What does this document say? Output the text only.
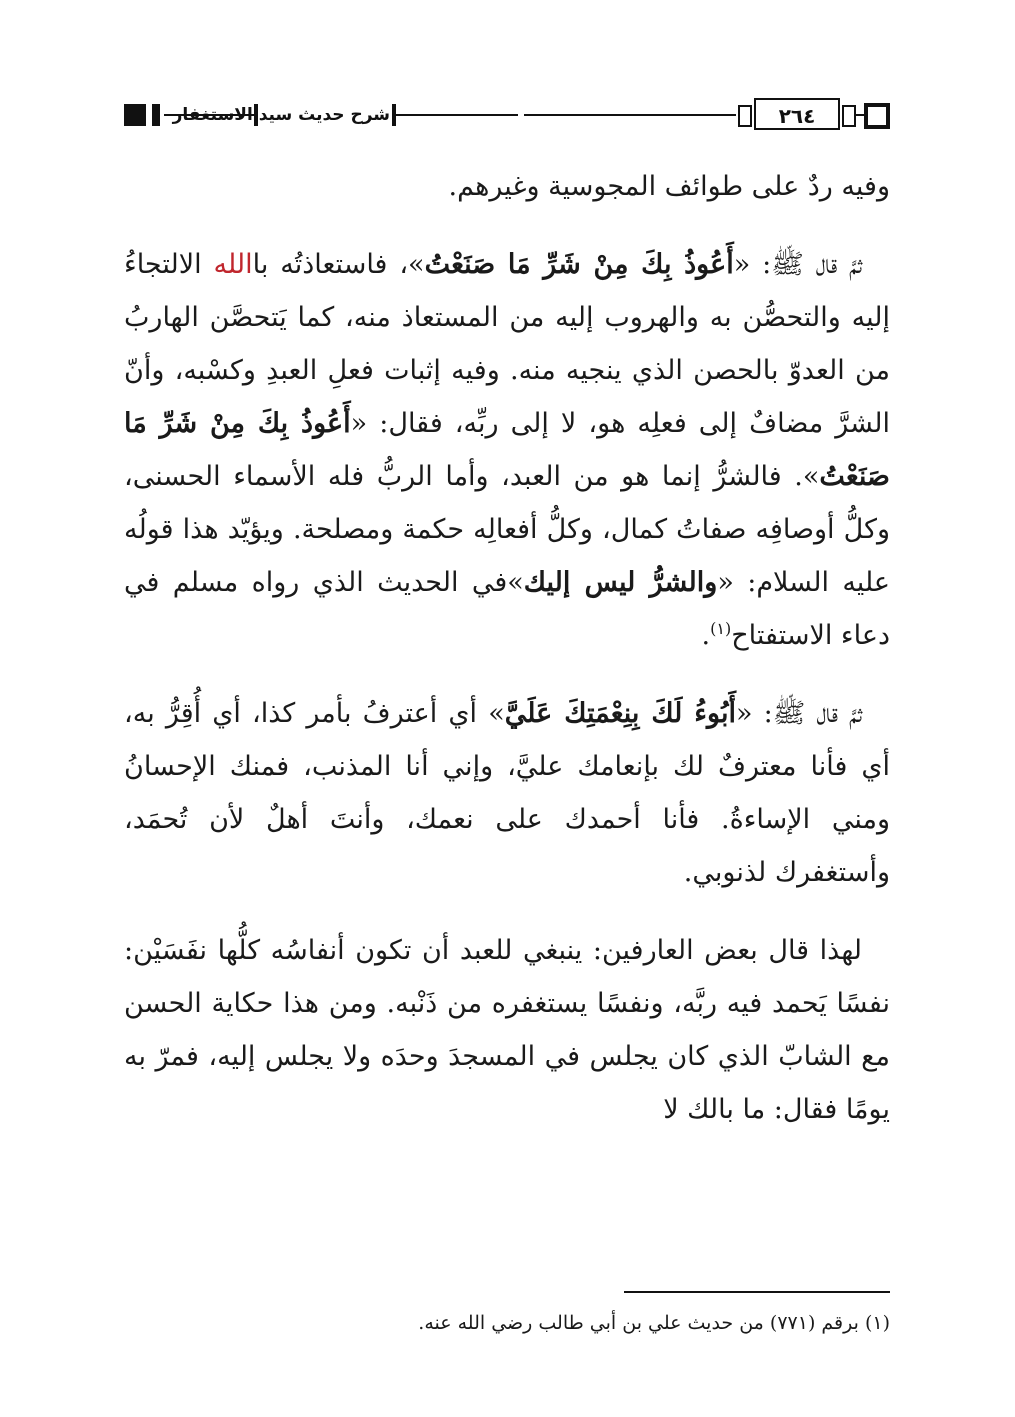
شرح حديث سيد الاستغفار	٢٦٤

وفيه ردٌ على طوائف المجوسية وغيرهم.

ثمَّ قال ﷺ: «أَعُوذُ بِكَ مِنْ شَرِّ مَا صَنَعْتُ»، فاستعاذتُه باالله الالتجاءُ إليه والتحصُّن به والهروب إليه من المستعاذ منه، كما يَتحصَّن الهاربُ من العدوّ بالحصن الذي ينجيه منه. وفيه إثبات فعلِ العبدِ وكسْبه، وأنّ الشرَّ مضافٌ إلى فعلِه هو، لا إلى ربِّه، فقال: «أَعُوذُ بِكَ مِنْ شَرِّ مَا صَنَعْتُ». فالشرُّ إنما هو من العبد، وأما الربُّ فله الأسماء الحسنى، وكلُّ أوصافِه صفاتُ كمال، وكلُّ أفعالِه حكمة ومصلحة. ويؤيّد هذا قولُه عليه السلام: «والشرُّ ليس إليك»في الحديث الذي رواه مسلم في دعاء الاستفتاح$^{(١)}$.

ثمَّ قال ﷺ: «أَبُوءُ لَكَ بِنِعْمَتِكَ عَلَيَّ» أي أعترفُ بأمر كذا، أي أُقِرُّ به، أي فأنا معترفٌ لك بإنعامك عليَّ، وإني أنا المذنب، فمنك الإحسانُ ومني الإساءةُ. فأنا أحمدك على نعمك، وأنتَ أهلٌ لأن تُحمَد، وأستغفرك لذنوبي.

لهذا قال بعض العارفين: ينبغي للعبد أن تكون أنفاسُه كلُّها نفَسَيْن: نفسًا يَحمد فيه ربَّه، ونفسًا يستغفره من ذَنْبه. ومن هذا حكاية الحسن مع الشابّ الذي كان يجلس في المسجدَ وحدَه ولا يجلس إليه، فمرّ به يومًا فقال: ما بالك لا

(١) برقم (٧٧١) من حديث علي بن أبي طالب رضي الله عنه.
